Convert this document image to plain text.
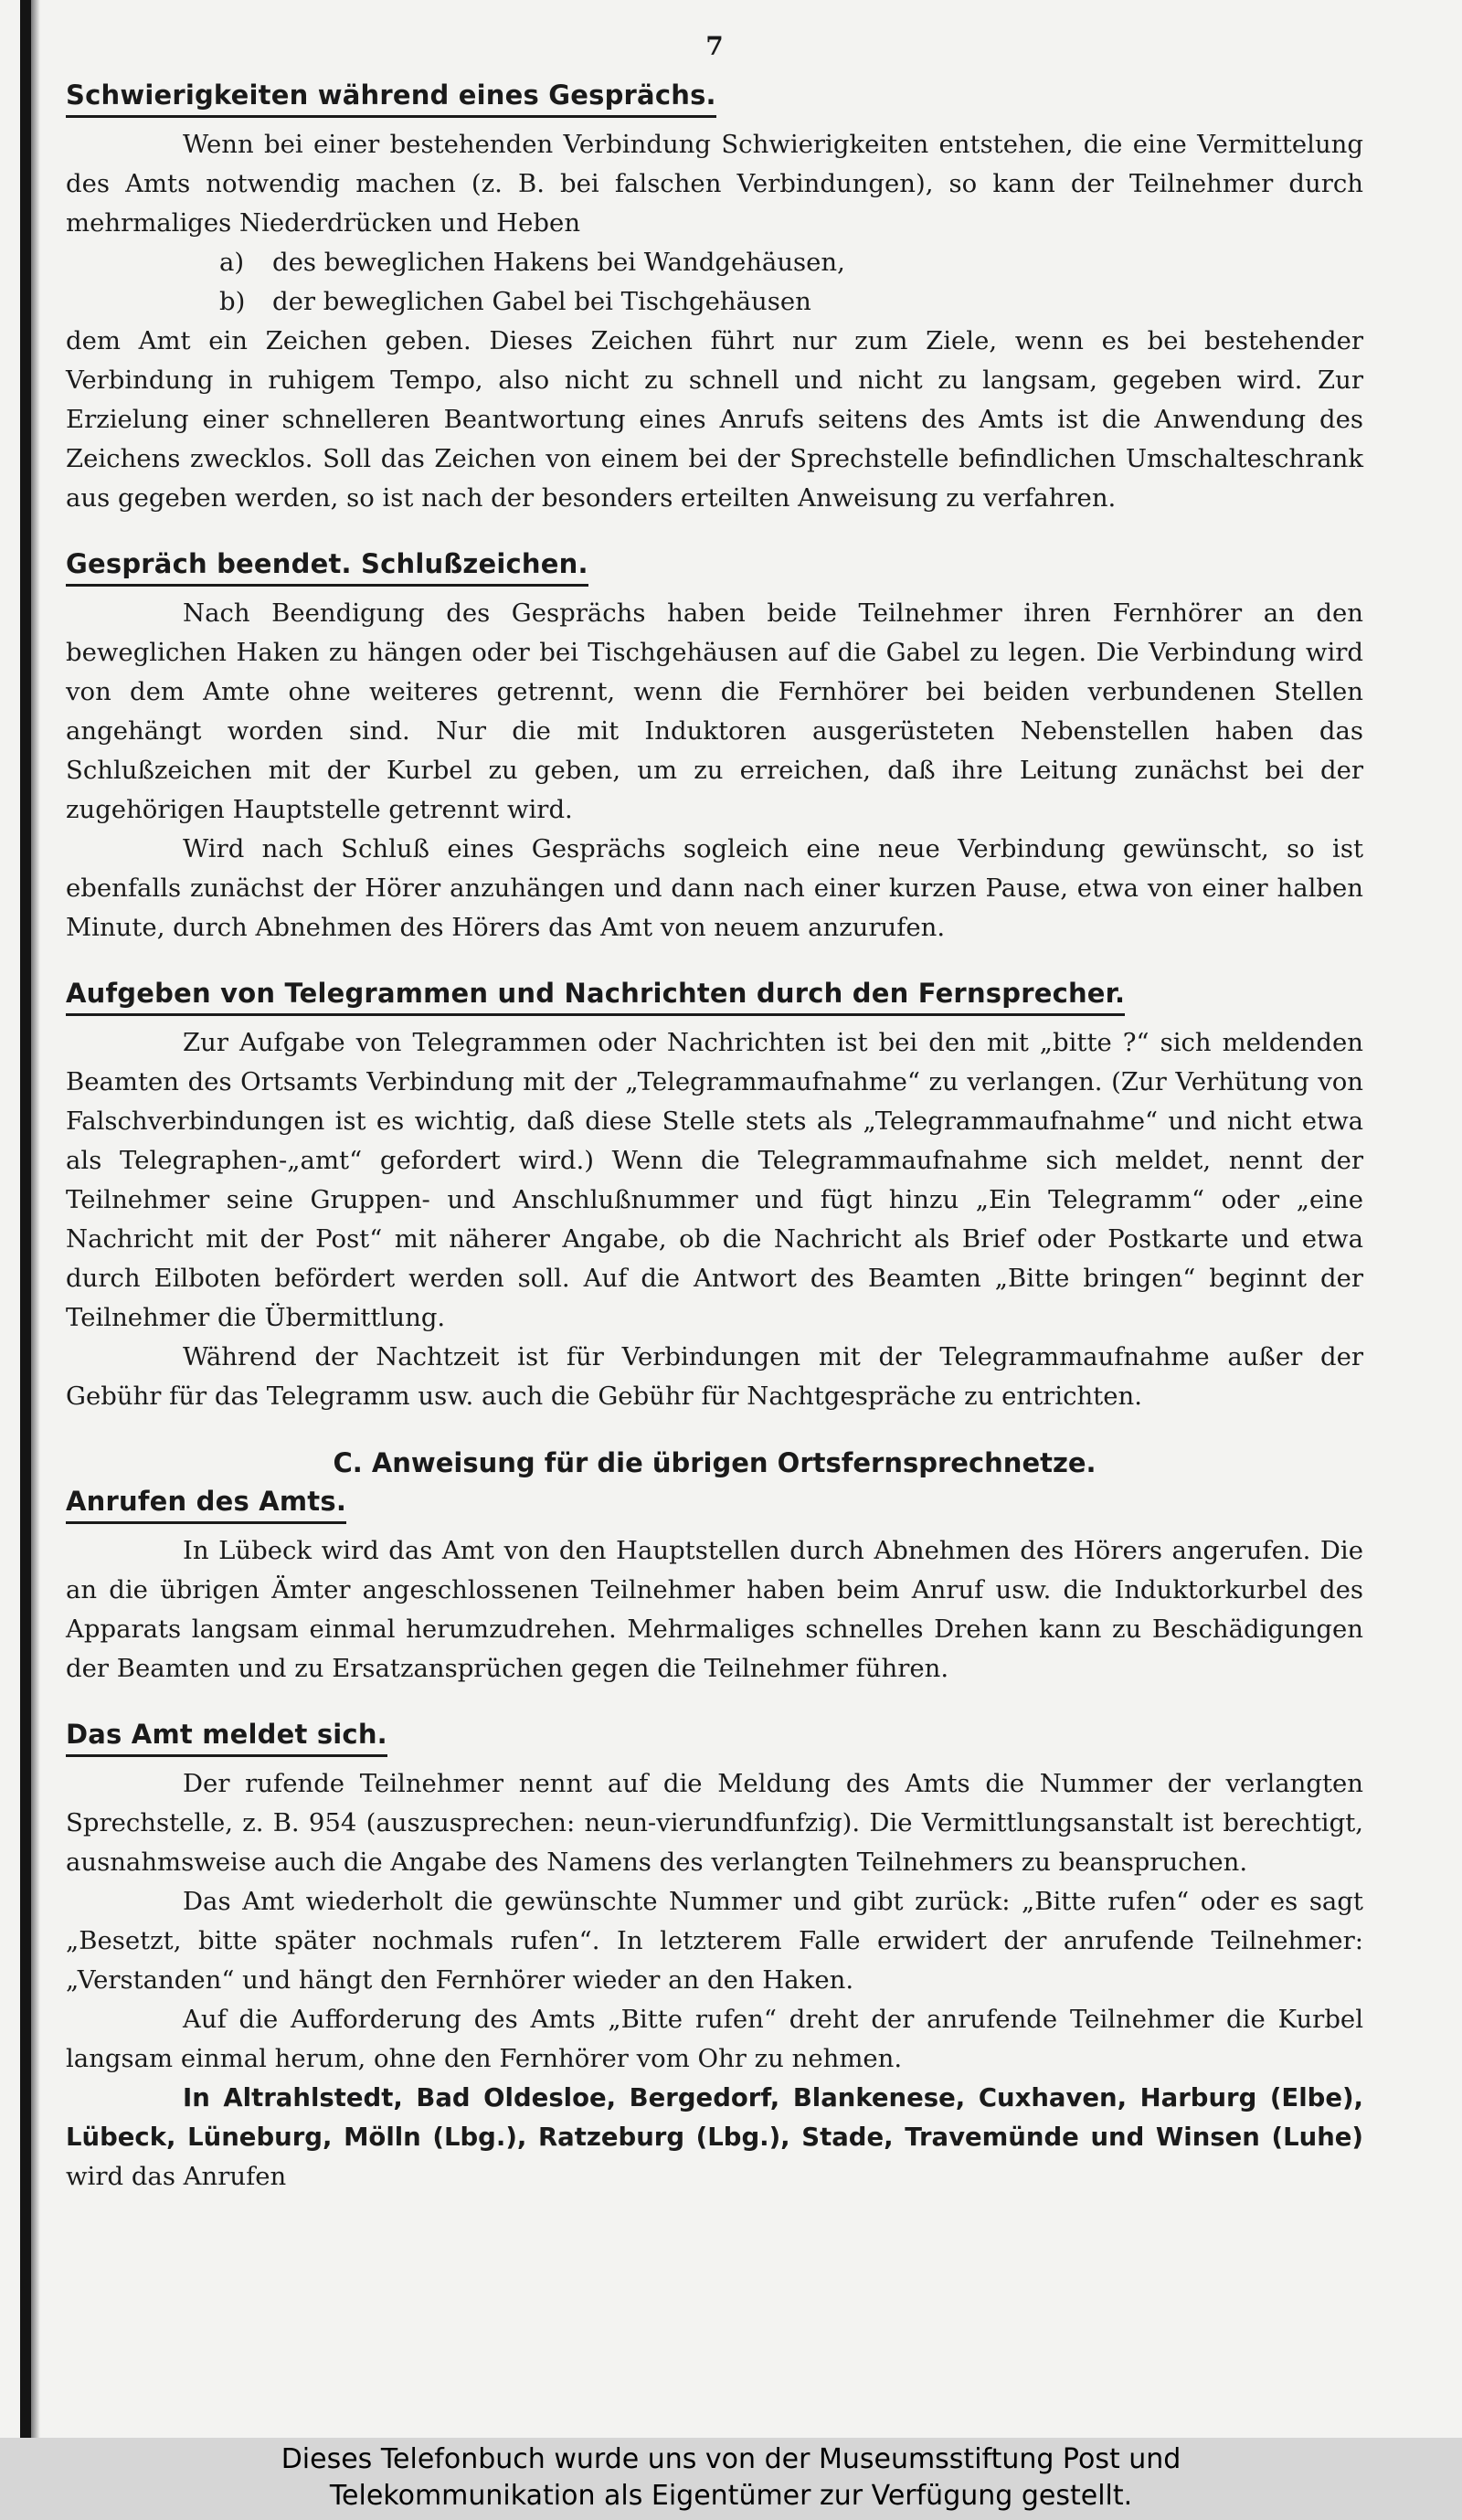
7
Schwierigkeiten während eines Gesprächs.

Wenn bei einer bestehenden Verbindung Schwierigkeiten entstehen, die eine Vermittelung des Amts notwendig machen (z. B. bei falschen Verbindungen), so kann der Teilnehmer durch mehrmaliges Niederdrücken und Heben

a)	des beweglichen Hakens bei Wandgehäusen,
b)	der beweglichen Gabel bei Tischgehäusen

dem Amt ein Zeichen geben. Dieses Zeichen führt nur zum Ziele, wenn es bei bestehender Verbindung in ruhigem Tempo, also nicht zu schnell und nicht zu langsam, gegeben wird. Zur Erzielung einer schnelleren Beantwortung eines Anrufs seitens des Amts ist die Anwendung des Zeichens zwecklos. Soll das Zeichen von einem bei der Sprechstelle befindlichen Umschalteschrank aus gegeben werden, so ist nach der besonders erteilten Anweisung zu verfahren.

Gespräch beendet. Schlußzeichen.

Nach Beendigung des Gesprächs haben beide Teilnehmer ihren Fernhörer an den beweglichen Haken zu hängen oder bei Tischgehäusen auf die Gabel zu legen. Die Verbindung wird von dem Amte ohne weiteres getrennt, wenn die Fernhörer bei beiden verbundenen Stellen angehängt worden sind. Nur die mit Induktoren ausgerüsteten Nebenstellen haben das Schlußzeichen mit der Kurbel zu geben, um zu erreichen, daß ihre Leitung zunächst bei der zugehörigen Hauptstelle getrennt wird.

Wird nach Schluß eines Gesprächs sogleich eine neue Verbindung gewünscht, so ist ebenfalls zunächst der Hörer anzuhängen und dann nach einer kurzen Pause, etwa von einer halben Minute, durch Abnehmen des Hörers das Amt von neuem anzurufen.

Aufgeben von Telegrammen und Nachrichten durch den Fernsprecher.

Zur Aufgabe von Telegrammen oder Nachrichten ist bei den mit „bitte ?“ sich meldenden Beamten des Ortsamts Verbindung mit der „Telegrammaufnahme“ zu verlangen. (Zur Verhütung von Falschverbindungen ist es wichtig, daß diese Stelle stets als „Telegrammaufnahme“ und nicht etwa als Telegraphen-„amt“ gefordert wird.) Wenn die Telegrammaufnahme sich meldet, nennt der Teilnehmer seine Gruppen- und Anschlußnummer und fügt hinzu „Ein Telegramm“ oder „eine Nachricht mit der Post“ mit näherer Angabe, ob die Nachricht als Brief oder Postkarte und etwa durch Eilboten befördert werden soll. Auf die Antwort des Beamten „Bitte bringen“ beginnt der Teilnehmer die Übermittlung.

Während der Nachtzeit ist für Verbindungen mit der Telegrammaufnahme außer der Gebühr für das Telegramm usw. auch die Gebühr für Nachtgespräche zu entrichten.

C. Anweisung für die übrigen Ortsfernsprechnetze.

Anrufen des Amts.

In Lübeck wird das Amt von den Hauptstellen durch Abnehmen des Hörers angerufen. Die an die übrigen Ämter angeschlossenen Teilnehmer haben beim Anruf usw. die Induktorkurbel des Apparats langsam einmal herumzudrehen. Mehrmaliges schnelles Drehen kann zu Beschädigungen der Beamten und zu Ersatzansprüchen gegen die Teilnehmer führen.

Das Amt meldet sich.

Der rufende Teilnehmer nennt auf die Meldung des Amts die Nummer der verlangten Sprechstelle, z. B. 954 (auszusprechen: neun-vierundfunfzig). Die Vermittlungsanstalt ist berechtigt, ausnahmsweise auch die Angabe des Namens des verlangten Teilnehmers zu beanspruchen.

Das Amt wiederholt die gewünschte Nummer und gibt zurück: „Bitte rufen“ oder es sagt „Besetzt, bitte später nochmals rufen“. In letzterem Falle erwidert der anrufende Teilnehmer: „Verstanden“ und hängt den Fernhörer wieder an den Haken.

Auf die Aufforderung des Amts „Bitte rufen“ dreht der anrufende Teilnehmer die Kurbel langsam einmal herum, ohne den Fernhörer vom Ohr zu nehmen.

In Altrahlstedt, Bad Oldesloe, Bergedorf, Blankenese, Cuxhaven, Harburg (Elbe), Lübeck, Lüneburg, Mölln (Lbg.), Ratzeburg (Lbg.), Stade, Travemünde und Winsen (Luhe) wird das Anrufen

Dieses Telefonbuch wurde uns von der Museumsstiftung Post und
Telekommunikation als Eigentümer zur Verfügung gestellt.
